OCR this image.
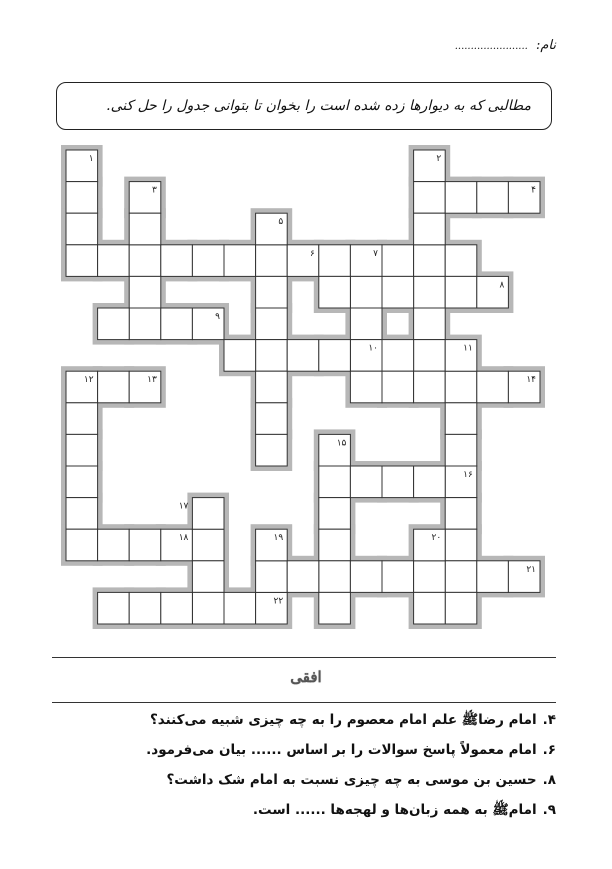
نام: .......................
مطالبی که به دیوارها زده شده است را بخوان تا بتوانی جدول را حل کنی.
۱	۲
۳	۴
۵
۶	۷
۸
۹
۱۰	۱۱
۱۲	۱۳	۱۴
۱۵
۱۶
۱۷
۱۸	۱۹	۲۰
۲۱
۲۲
افقی
۴.امام رضاﷺ علم امام معصوم را به چه چیزی شبیه می‌کنند؟
۶.امام معمولاً پاسخ سوالات را بر اساس ...... بیان می‌فرمود.
۸.حسین بن موسی به چه چیزی نسبت به امام شک داشت؟
۹.امامﷺ به همه زبان‌ها و لهجه‌ها ...... است.
